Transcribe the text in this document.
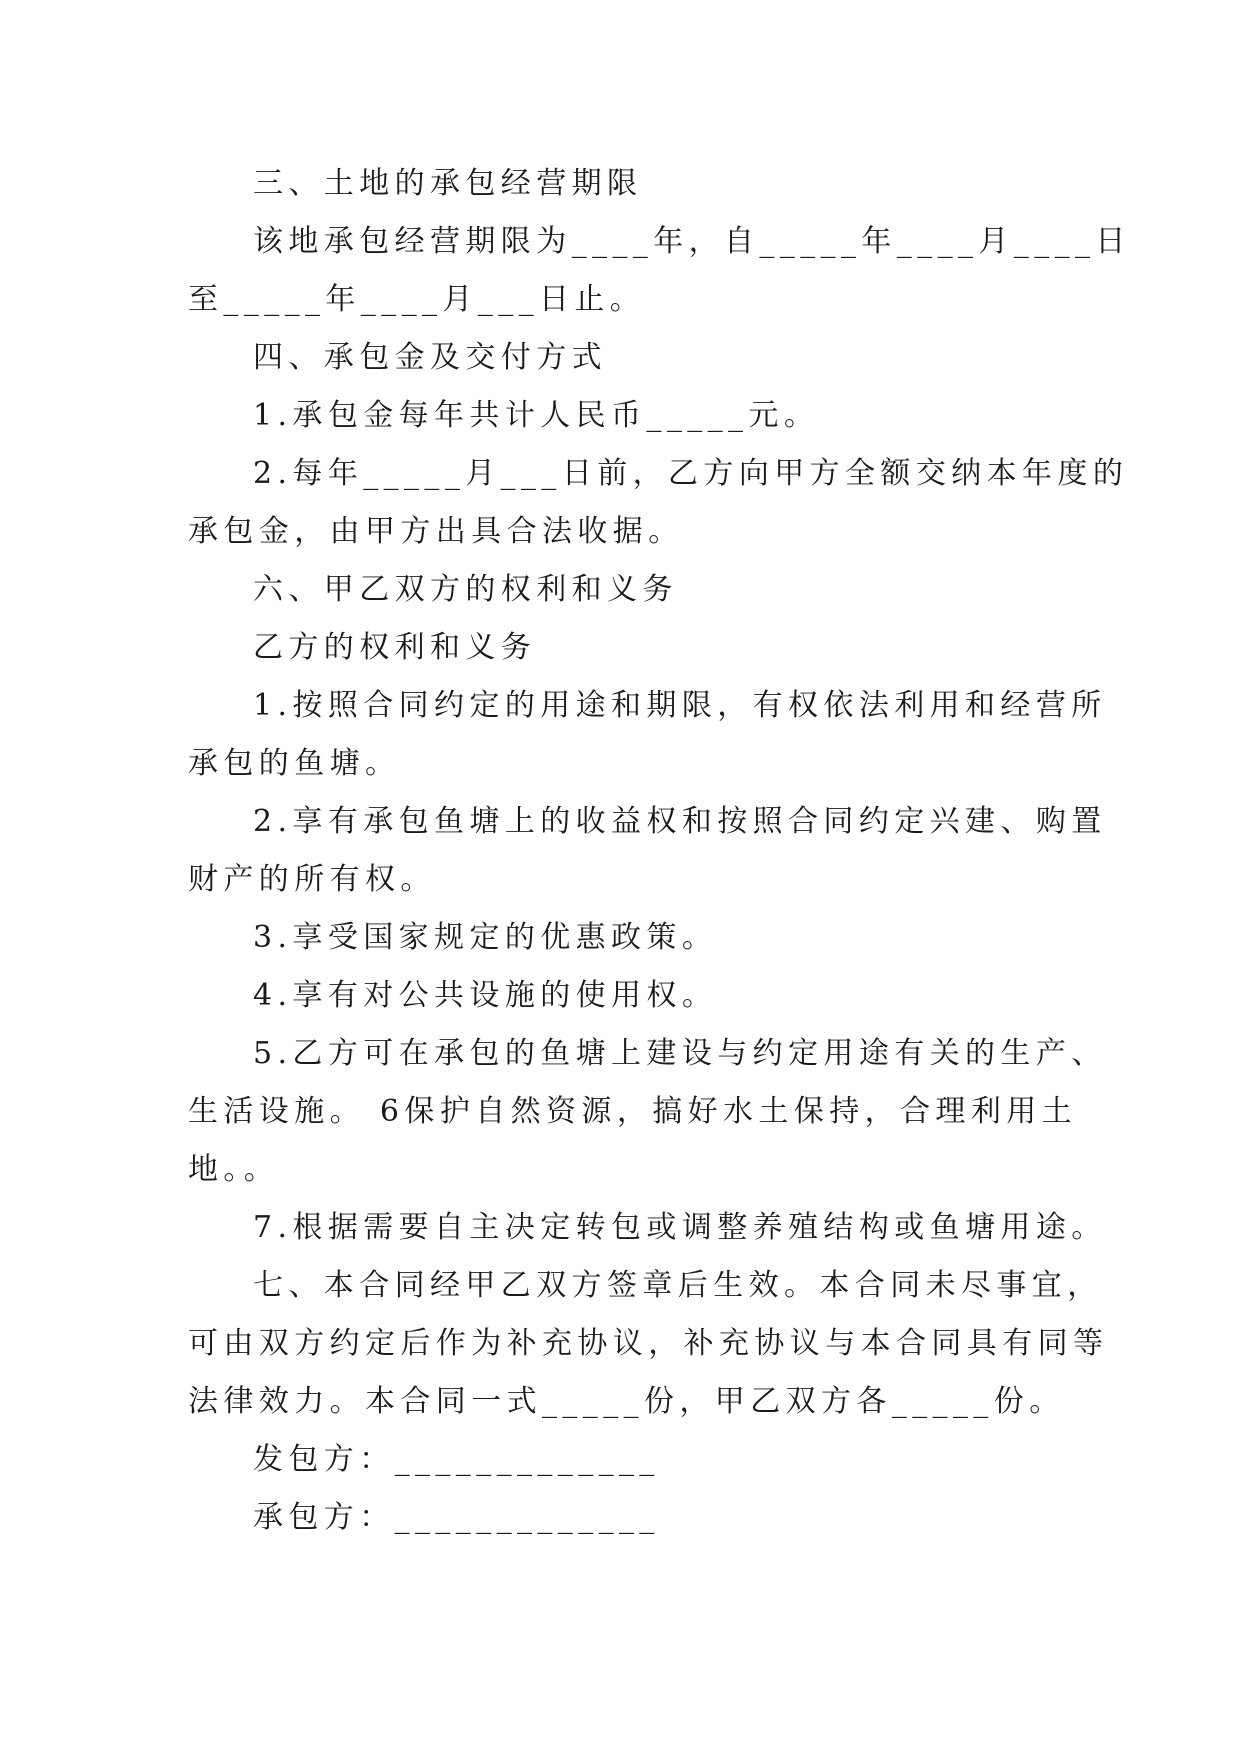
三、土地的承包经营期限
该地承包经营期限为____年，自_____年____月____日
至_____年____月___日止。
四、承包金及交付方式
1.承包金每年共计人民币_____元。
2.每年_____月___日前，乙方向甲方全额交纳本年度的
承包金，由甲方出具合法收据。
六、甲乙双方的权利和义务
乙方的权利和义务
1.按照合同约定的用途和期限，有权依法利用和经营所
承包的鱼塘。
2.享有承包鱼塘上的收益权和按照合同约定兴建、购置
财产的所有权。
3.享受国家规定的优惠政策。
4.享有对公共设施的使用权。
5.乙方可在承包的鱼塘上建设与约定用途有关的生产、
生活设施。 6保护自然资源，搞好水土保持，合理利用土
地。。
7.根据需要自主决定转包或调整养殖结构或鱼塘用途。
七、本合同经甲乙双方签章后生效。本合同未尽事宜，
可由双方约定后作为补充协议，补充协议与本合同具有同等
法律效力。本合同一式_____份，甲乙双方各_____份。
发包方：_____________
承包方：_____________
